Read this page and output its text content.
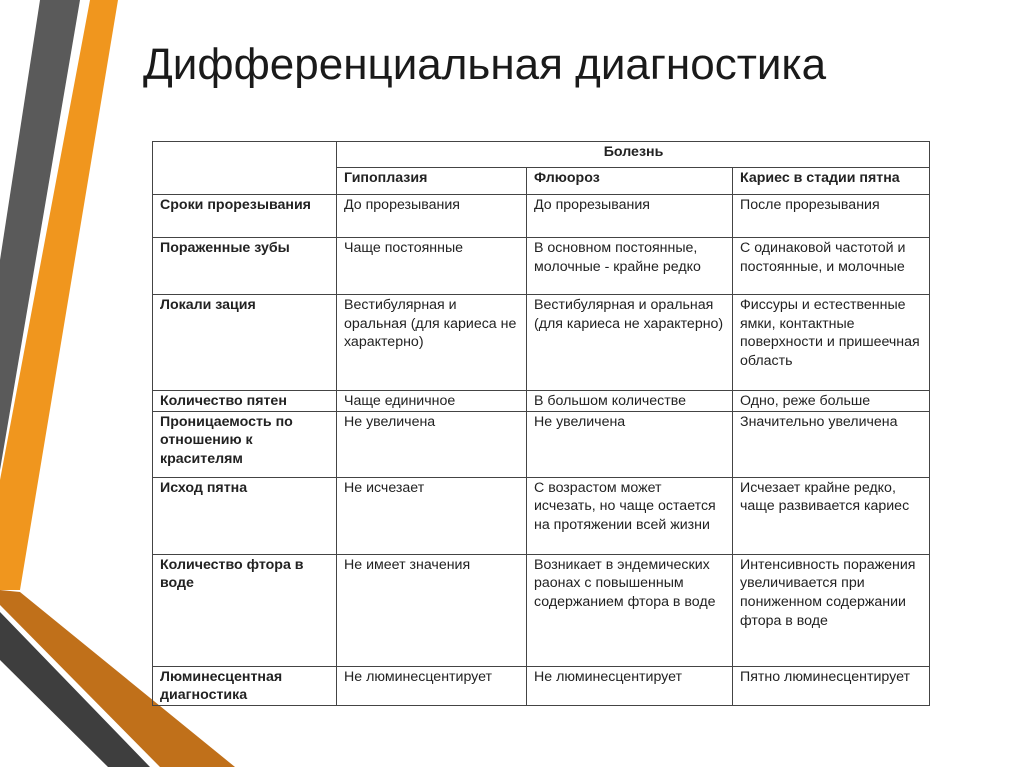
Дифференциальная диагностика
	Болезнь		
	Гипоплазия	Флюороз	Кариес в стадии пятна
Сроки прорезывания	До прорезывания	До прорезывания	После прорезывания
Пораженные зубы	Чаще постоянные	В основном постоянные, молочные - крайне редко	С одинаковой частотой и постоянные, и молочные
Локали зация	Вестибулярная и оральная (для кариеса не характерно)	Вестибулярная и оральная (для кариеса не характерно)	Фиссуры и естественные ямки, контактные поверхности и пришеечная область
Количество пятен	Чаще единичное	В большом количестве	Одно, реже больше
Проницаемость по отношению к красителям	Не увеличена	Не увеличена	Значительно увеличена
Исход пятна	Не исчезает	С возрастом может исчезать, но чаще остается на протяжении всей жизни	Исчезает крайне редко, чаще развивается кариес
Количество фтора в воде	Не имеет значения	Возникает в эндемических раонах с повышенным содержанием фтора в воде	Интенсивность поражения увеличивается при пониженном содержании фтора в воде
Люминесцентная диагностика	Не люминесцентирует	Не люминесцентирует	Пятно люминесцентирует
